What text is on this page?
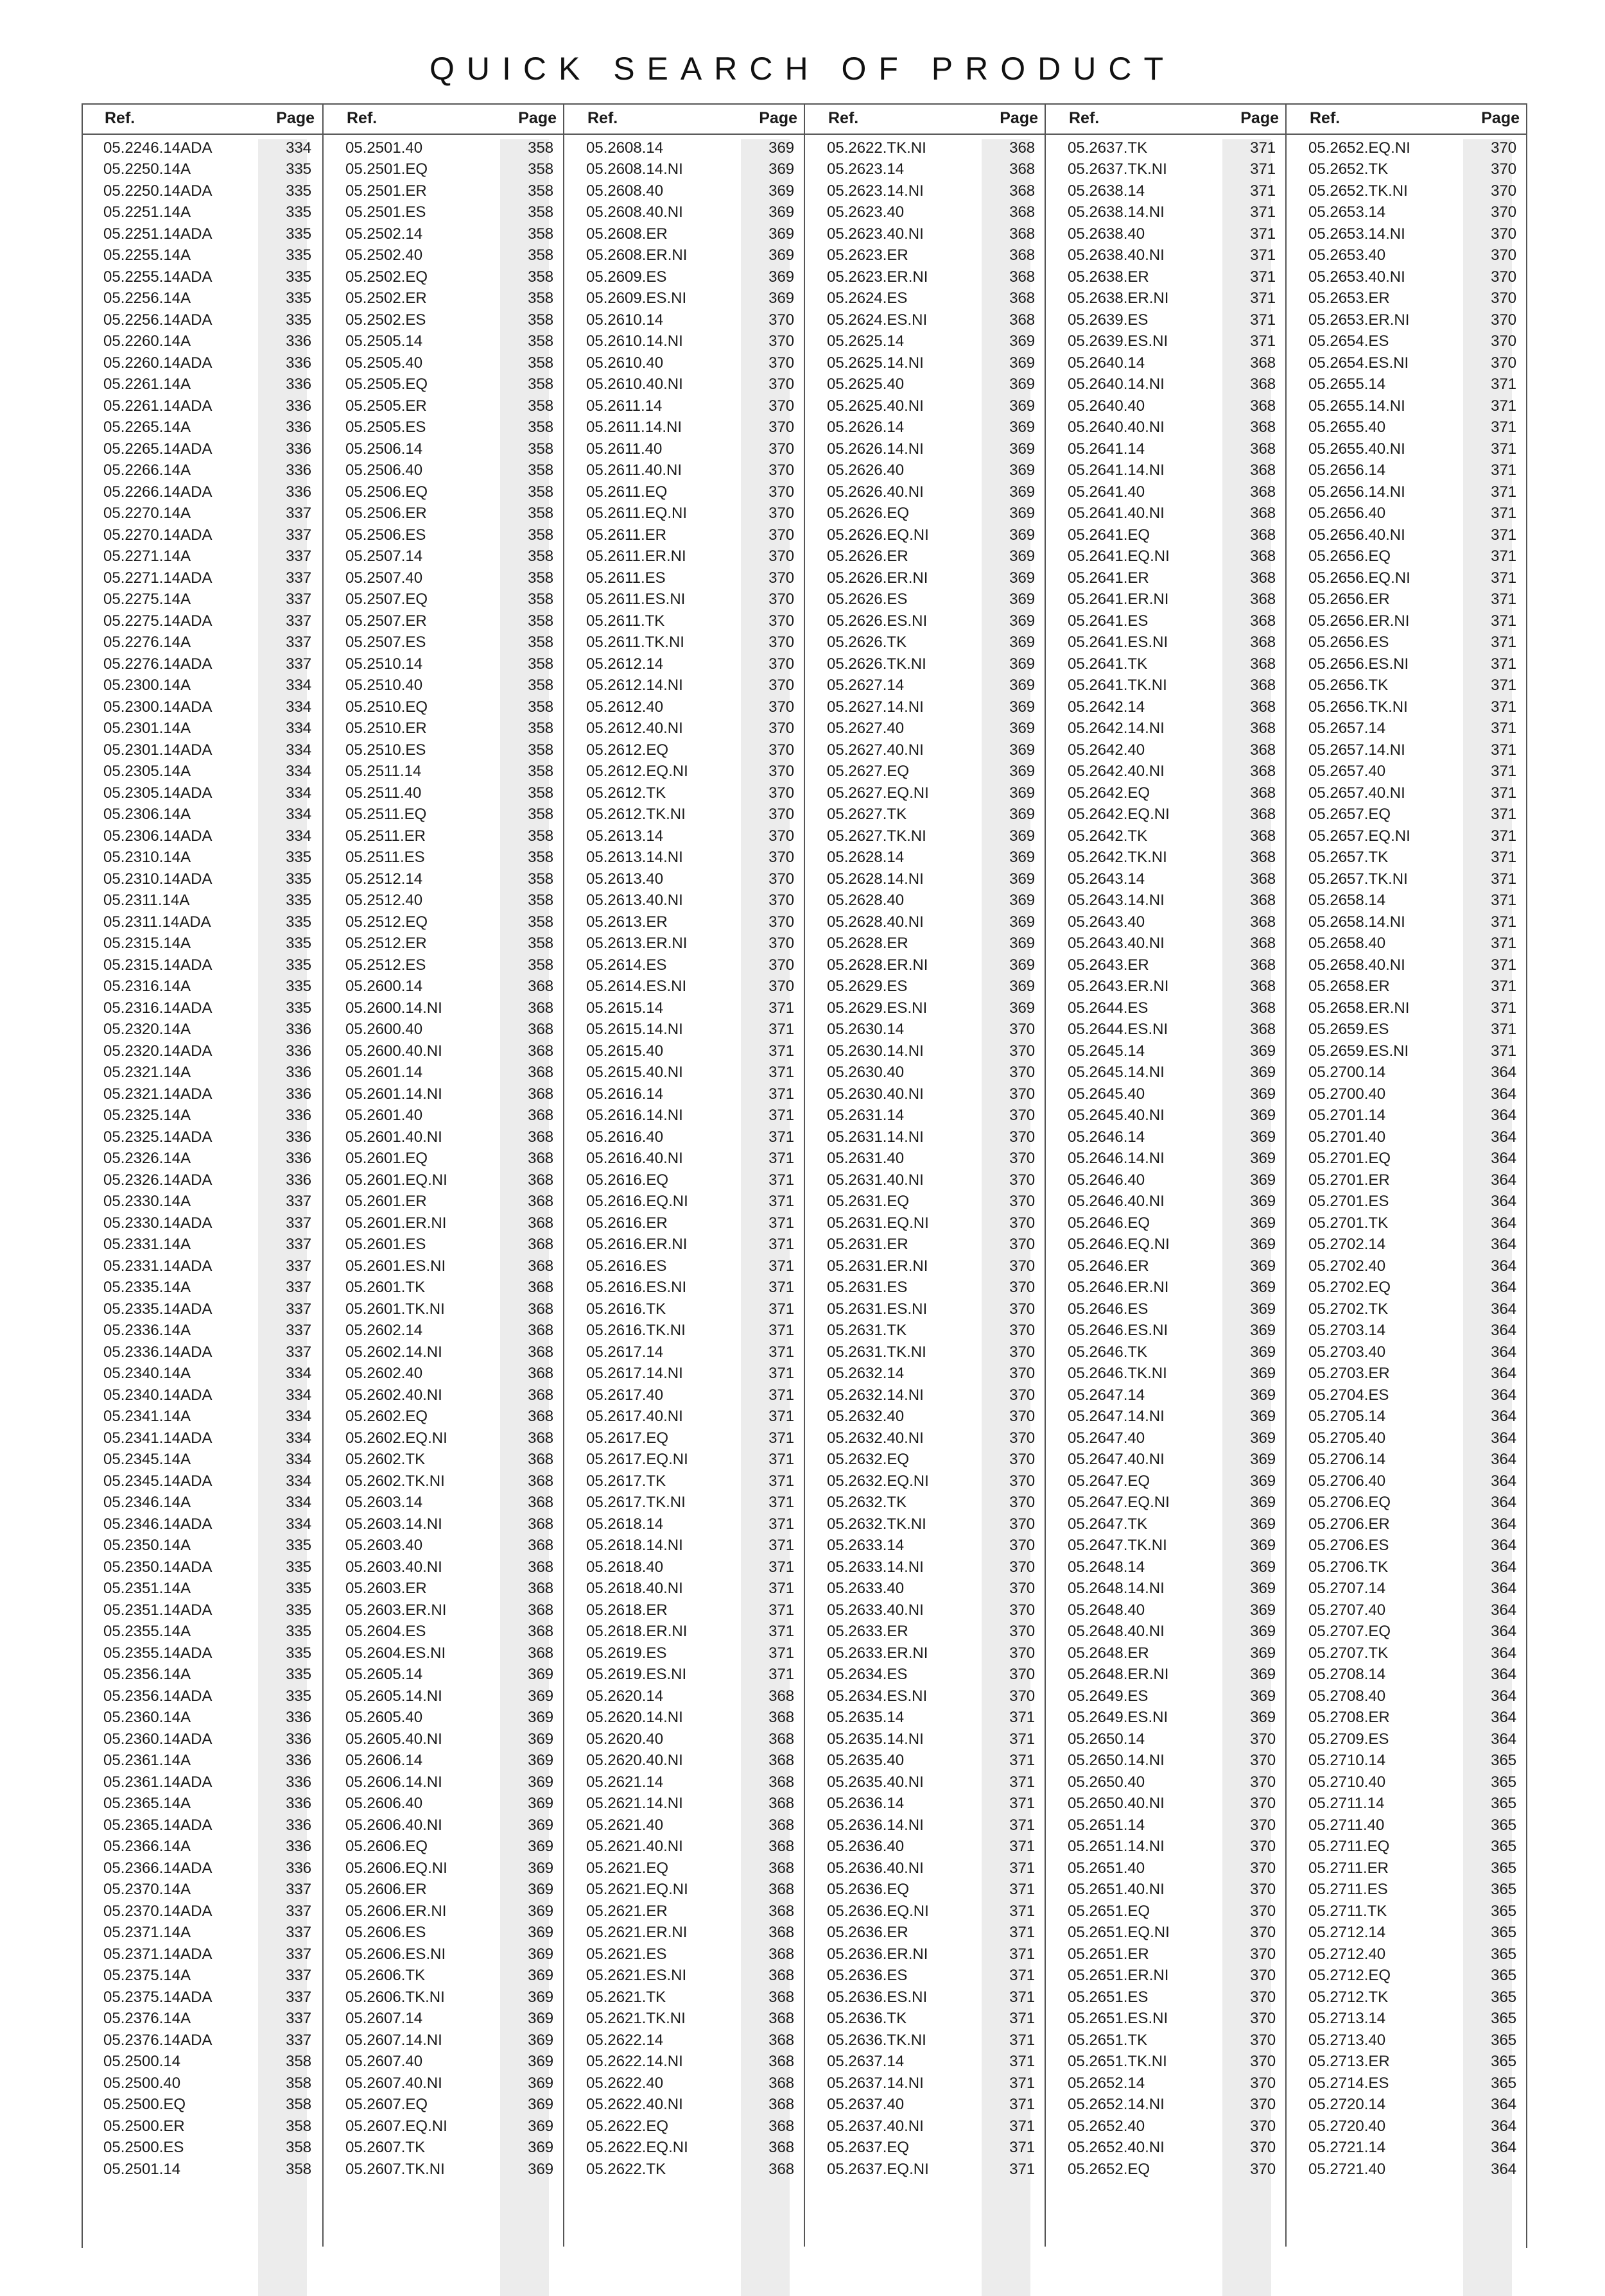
QUICK SEARCH OF PRODUCT
Ref.	Page
05.2246.14ADA	334
05.2250.14A	335
05.2250.14ADA	335
05.2251.14A	335
05.2251.14ADA	335
05.2255.14A	335
05.2255.14ADA	335
05.2256.14A	335
05.2256.14ADA	335
05.2260.14A	336
05.2260.14ADA	336
05.2261.14A	336
05.2261.14ADA	336
05.2265.14A	336
05.2265.14ADA	336
05.2266.14A	336
05.2266.14ADA	336
05.2270.14A	337
05.2270.14ADA	337
05.2271.14A	337
05.2271.14ADA	337
05.2275.14A	337
05.2275.14ADA	337
05.2276.14A	337
05.2276.14ADA	337
05.2300.14A	334
05.2300.14ADA	334
05.2301.14A	334
05.2301.14ADA	334
05.2305.14A	334
05.2305.14ADA	334
05.2306.14A	334
05.2306.14ADA	334
05.2310.14A	335
05.2310.14ADA	335
05.2311.14A	335
05.2311.14ADA	335
05.2315.14A	335
05.2315.14ADA	335
05.2316.14A	335
05.2316.14ADA	335
05.2320.14A	336
05.2320.14ADA	336
05.2321.14A	336
05.2321.14ADA	336
05.2325.14A	336
05.2325.14ADA	336
05.2326.14A	336
05.2326.14ADA	336
05.2330.14A	337
05.2330.14ADA	337
05.2331.14A	337
05.2331.14ADA	337
05.2335.14A	337
05.2335.14ADA	337
05.2336.14A	337
05.2336.14ADA	337
05.2340.14A	334
05.2340.14ADA	334
05.2341.14A	334
05.2341.14ADA	334
05.2345.14A	334
05.2345.14ADA	334
05.2346.14A	334
05.2346.14ADA	334
05.2350.14A	335
05.2350.14ADA	335
05.2351.14A	335
05.2351.14ADA	335
05.2355.14A	335
05.2355.14ADA	335
05.2356.14A	335
05.2356.14ADA	335
05.2360.14A	336
05.2360.14ADA	336
05.2361.14A	336
05.2361.14ADA	336
05.2365.14A	336
05.2365.14ADA	336
05.2366.14A	336
05.2366.14ADA	336
05.2370.14A	337
05.2370.14ADA	337
05.2371.14A	337
05.2371.14ADA	337
05.2375.14A	337
05.2375.14ADA	337
05.2376.14A	337
05.2376.14ADA	337
05.2500.14	358
05.2500.40	358
05.2500.EQ	358
05.2500.ER	358
05.2500.ES	358
05.2501.14	358
Ref.	Page
05.2501.40	358
05.2501.EQ	358
05.2501.ER	358
05.2501.ES	358
05.2502.14	358
05.2502.40	358
05.2502.EQ	358
05.2502.ER	358
05.2502.ES	358
05.2505.14	358
05.2505.40	358
05.2505.EQ	358
05.2505.ER	358
05.2505.ES	358
05.2506.14	358
05.2506.40	358
05.2506.EQ	358
05.2506.ER	358
05.2506.ES	358
05.2507.14	358
05.2507.40	358
05.2507.EQ	358
05.2507.ER	358
05.2507.ES	358
05.2510.14	358
05.2510.40	358
05.2510.EQ	358
05.2510.ER	358
05.2510.ES	358
05.2511.14	358
05.2511.40	358
05.2511.EQ	358
05.2511.ER	358
05.2511.ES	358
05.2512.14	358
05.2512.40	358
05.2512.EQ	358
05.2512.ER	358
05.2512.ES	358
05.2600.14	368
05.2600.14.NI	368
05.2600.40	368
05.2600.40.NI	368
05.2601.14	368
05.2601.14.NI	368
05.2601.40	368
05.2601.40.NI	368
05.2601.EQ	368
05.2601.EQ.NI	368
05.2601.ER	368
05.2601.ER.NI	368
05.2601.ES	368
05.2601.ES.NI	368
05.2601.TK	368
05.2601.TK.NI	368
05.2602.14	368
05.2602.14.NI	368
05.2602.40	368
05.2602.40.NI	368
05.2602.EQ	368
05.2602.EQ.NI	368
05.2602.TK	368
05.2602.TK.NI	368
05.2603.14	368
05.2603.14.NI	368
05.2603.40	368
05.2603.40.NI	368
05.2603.ER	368
05.2603.ER.NI	368
05.2604.ES	368
05.2604.ES.NI	368
05.2605.14	369
05.2605.14.NI	369
05.2605.40	369
05.2605.40.NI	369
05.2606.14	369
05.2606.14.NI	369
05.2606.40	369
05.2606.40.NI	369
05.2606.EQ	369
05.2606.EQ.NI	369
05.2606.ER	369
05.2606.ER.NI	369
05.2606.ES	369
05.2606.ES.NI	369
05.2606.TK	369
05.2606.TK.NI	369
05.2607.14	369
05.2607.14.NI	369
05.2607.40	369
05.2607.40.NI	369
05.2607.EQ	369
05.2607.EQ.NI	369
05.2607.TK	369
05.2607.TK.NI	369
Ref.	Page
05.2608.14	369
05.2608.14.NI	369
05.2608.40	369
05.2608.40.NI	369
05.2608.ER	369
05.2608.ER.NI	369
05.2609.ES	369
05.2609.ES.NI	369
05.2610.14	370
05.2610.14.NI	370
05.2610.40	370
05.2610.40.NI	370
05.2611.14	370
05.2611.14.NI	370
05.2611.40	370
05.2611.40.NI	370
05.2611.EQ	370
05.2611.EQ.NI	370
05.2611.ER	370
05.2611.ER.NI	370
05.2611.ES	370
05.2611.ES.NI	370
05.2611.TK	370
05.2611.TK.NI	370
05.2612.14	370
05.2612.14.NI	370
05.2612.40	370
05.2612.40.NI	370
05.2612.EQ	370
05.2612.EQ.NI	370
05.2612.TK	370
05.2612.TK.NI	370
05.2613.14	370
05.2613.14.NI	370
05.2613.40	370
05.2613.40.NI	370
05.2613.ER	370
05.2613.ER.NI	370
05.2614.ES	370
05.2614.ES.NI	370
05.2615.14	371
05.2615.14.NI	371
05.2615.40	371
05.2615.40.NI	371
05.2616.14	371
05.2616.14.NI	371
05.2616.40	371
05.2616.40.NI	371
05.2616.EQ	371
05.2616.EQ.NI	371
05.2616.ER	371
05.2616.ER.NI	371
05.2616.ES	371
05.2616.ES.NI	371
05.2616.TK	371
05.2616.TK.NI	371
05.2617.14	371
05.2617.14.NI	371
05.2617.40	371
05.2617.40.NI	371
05.2617.EQ	371
05.2617.EQ.NI	371
05.2617.TK	371
05.2617.TK.NI	371
05.2618.14	371
05.2618.14.NI	371
05.2618.40	371
05.2618.40.NI	371
05.2618.ER	371
05.2618.ER.NI	371
05.2619.ES	371
05.2619.ES.NI	371
05.2620.14	368
05.2620.14.NI	368
05.2620.40	368
05.2620.40.NI	368
05.2621.14	368
05.2621.14.NI	368
05.2621.40	368
05.2621.40.NI	368
05.2621.EQ	368
05.2621.EQ.NI	368
05.2621.ER	368
05.2621.ER.NI	368
05.2621.ES	368
05.2621.ES.NI	368
05.2621.TK	368
05.2621.TK.NI	368
05.2622.14	368
05.2622.14.NI	368
05.2622.40	368
05.2622.40.NI	368
05.2622.EQ	368
05.2622.EQ.NI	368
05.2622.TK	368
Ref.	Page
05.2622.TK.NI	368
05.2623.14	368
05.2623.14.NI	368
05.2623.40	368
05.2623.40.NI	368
05.2623.ER	368
05.2623.ER.NI	368
05.2624.ES	368
05.2624.ES.NI	368
05.2625.14	369
05.2625.14.NI	369
05.2625.40	369
05.2625.40.NI	369
05.2626.14	369
05.2626.14.NI	369
05.2626.40	369
05.2626.40.NI	369
05.2626.EQ	369
05.2626.EQ.NI	369
05.2626.ER	369
05.2626.ER.NI	369
05.2626.ES	369
05.2626.ES.NI	369
05.2626.TK	369
05.2626.TK.NI	369
05.2627.14	369
05.2627.14.NI	369
05.2627.40	369
05.2627.40.NI	369
05.2627.EQ	369
05.2627.EQ.NI	369
05.2627.TK	369
05.2627.TK.NI	369
05.2628.14	369
05.2628.14.NI	369
05.2628.40	369
05.2628.40.NI	369
05.2628.ER	369
05.2628.ER.NI	369
05.2629.ES	369
05.2629.ES.NI	369
05.2630.14	370
05.2630.14.NI	370
05.2630.40	370
05.2630.40.NI	370
05.2631.14	370
05.2631.14.NI	370
05.2631.40	370
05.2631.40.NI	370
05.2631.EQ	370
05.2631.EQ.NI	370
05.2631.ER	370
05.2631.ER.NI	370
05.2631.ES	370
05.2631.ES.NI	370
05.2631.TK	370
05.2631.TK.NI	370
05.2632.14	370
05.2632.14.NI	370
05.2632.40	370
05.2632.40.NI	370
05.2632.EQ	370
05.2632.EQ.NI	370
05.2632.TK	370
05.2632.TK.NI	370
05.2633.14	370
05.2633.14.NI	370
05.2633.40	370
05.2633.40.NI	370
05.2633.ER	370
05.2633.ER.NI	370
05.2634.ES	370
05.2634.ES.NI	370
05.2635.14	371
05.2635.14.NI	371
05.2635.40	371
05.2635.40.NI	371
05.2636.14	371
05.2636.14.NI	371
05.2636.40	371
05.2636.40.NI	371
05.2636.EQ	371
05.2636.EQ.NI	371
05.2636.ER	371
05.2636.ER.NI	371
05.2636.ES	371
05.2636.ES.NI	371
05.2636.TK	371
05.2636.TK.NI	371
05.2637.14	371
05.2637.14.NI	371
05.2637.40	371
05.2637.40.NI	371
05.2637.EQ	371
05.2637.EQ.NI	371
Ref.	Page
05.2637.TK	371
05.2637.TK.NI	371
05.2638.14	371
05.2638.14.NI	371
05.2638.40	371
05.2638.40.NI	371
05.2638.ER	371
05.2638.ER.NI	371
05.2639.ES	371
05.2639.ES.NI	371
05.2640.14	368
05.2640.14.NI	368
05.2640.40	368
05.2640.40.NI	368
05.2641.14	368
05.2641.14.NI	368
05.2641.40	368
05.2641.40.NI	368
05.2641.EQ	368
05.2641.EQ.NI	368
05.2641.ER	368
05.2641.ER.NI	368
05.2641.ES	368
05.2641.ES.NI	368
05.2641.TK	368
05.2641.TK.NI	368
05.2642.14	368
05.2642.14.NI	368
05.2642.40	368
05.2642.40.NI	368
05.2642.EQ	368
05.2642.EQ.NI	368
05.2642.TK	368
05.2642.TK.NI	368
05.2643.14	368
05.2643.14.NI	368
05.2643.40	368
05.2643.40.NI	368
05.2643.ER	368
05.2643.ER.NI	368
05.2644.ES	368
05.2644.ES.NI	368
05.2645.14	369
05.2645.14.NI	369
05.2645.40	369
05.2645.40.NI	369
05.2646.14	369
05.2646.14.NI	369
05.2646.40	369
05.2646.40.NI	369
05.2646.EQ	369
05.2646.EQ.NI	369
05.2646.ER	369
05.2646.ER.NI	369
05.2646.ES	369
05.2646.ES.NI	369
05.2646.TK	369
05.2646.TK.NI	369
05.2647.14	369
05.2647.14.NI	369
05.2647.40	369
05.2647.40.NI	369
05.2647.EQ	369
05.2647.EQ.NI	369
05.2647.TK	369
05.2647.TK.NI	369
05.2648.14	369
05.2648.14.NI	369
05.2648.40	369
05.2648.40.NI	369
05.2648.ER	369
05.2648.ER.NI	369
05.2649.ES	369
05.2649.ES.NI	369
05.2650.14	370
05.2650.14.NI	370
05.2650.40	370
05.2650.40.NI	370
05.2651.14	370
05.2651.14.NI	370
05.2651.40	370
05.2651.40.NI	370
05.2651.EQ	370
05.2651.EQ.NI	370
05.2651.ER	370
05.2651.ER.NI	370
05.2651.ES	370
05.2651.ES.NI	370
05.2651.TK	370
05.2651.TK.NI	370
05.2652.14	370
05.2652.14.NI	370
05.2652.40	370
05.2652.40.NI	370
05.2652.EQ	370
Ref.	Page
05.2652.EQ.NI	370
05.2652.TK	370
05.2652.TK.NI	370
05.2653.14	370
05.2653.14.NI	370
05.2653.40	370
05.2653.40.NI	370
05.2653.ER	370
05.2653.ER.NI	370
05.2654.ES	370
05.2654.ES.NI	370
05.2655.14	371
05.2655.14.NI	371
05.2655.40	371
05.2655.40.NI	371
05.2656.14	371
05.2656.14.NI	371
05.2656.40	371
05.2656.40.NI	371
05.2656.EQ	371
05.2656.EQ.NI	371
05.2656.ER	371
05.2656.ER.NI	371
05.2656.ES	371
05.2656.ES.NI	371
05.2656.TK	371
05.2656.TK.NI	371
05.2657.14	371
05.2657.14.NI	371
05.2657.40	371
05.2657.40.NI	371
05.2657.EQ	371
05.2657.EQ.NI	371
05.2657.TK	371
05.2657.TK.NI	371
05.2658.14	371
05.2658.14.NI	371
05.2658.40	371
05.2658.40.NI	371
05.2658.ER	371
05.2658.ER.NI	371
05.2659.ES	371
05.2659.ES.NI	371
05.2700.14	364
05.2700.40	364
05.2701.14	364
05.2701.40	364
05.2701.EQ	364
05.2701.ER	364
05.2701.ES	364
05.2701.TK	364
05.2702.14	364
05.2702.40	364
05.2702.EQ	364
05.2702.TK	364
05.2703.14	364
05.2703.40	364
05.2703.ER	364
05.2704.ES	364
05.2705.14	364
05.2705.40	364
05.2706.14	364
05.2706.40	364
05.2706.EQ	364
05.2706.ER	364
05.2706.ES	364
05.2706.TK	364
05.2707.14	364
05.2707.40	364
05.2707.EQ	364
05.2707.TK	364
05.2708.14	364
05.2708.40	364
05.2708.ER	364
05.2709.ES	364
05.2710.14	365
05.2710.40	365
05.2711.14	365
05.2711.40	365
05.2711.EQ	365
05.2711.ER	365
05.2711.ES	365
05.2711.TK	365
05.2712.14	365
05.2712.40	365
05.2712.EQ	365
05.2712.TK	365
05.2713.14	365
05.2713.40	365
05.2713.ER	365
05.2714.ES	365
05.2720.14	364
05.2720.40	364
05.2721.14	364
05.2721.40	364
